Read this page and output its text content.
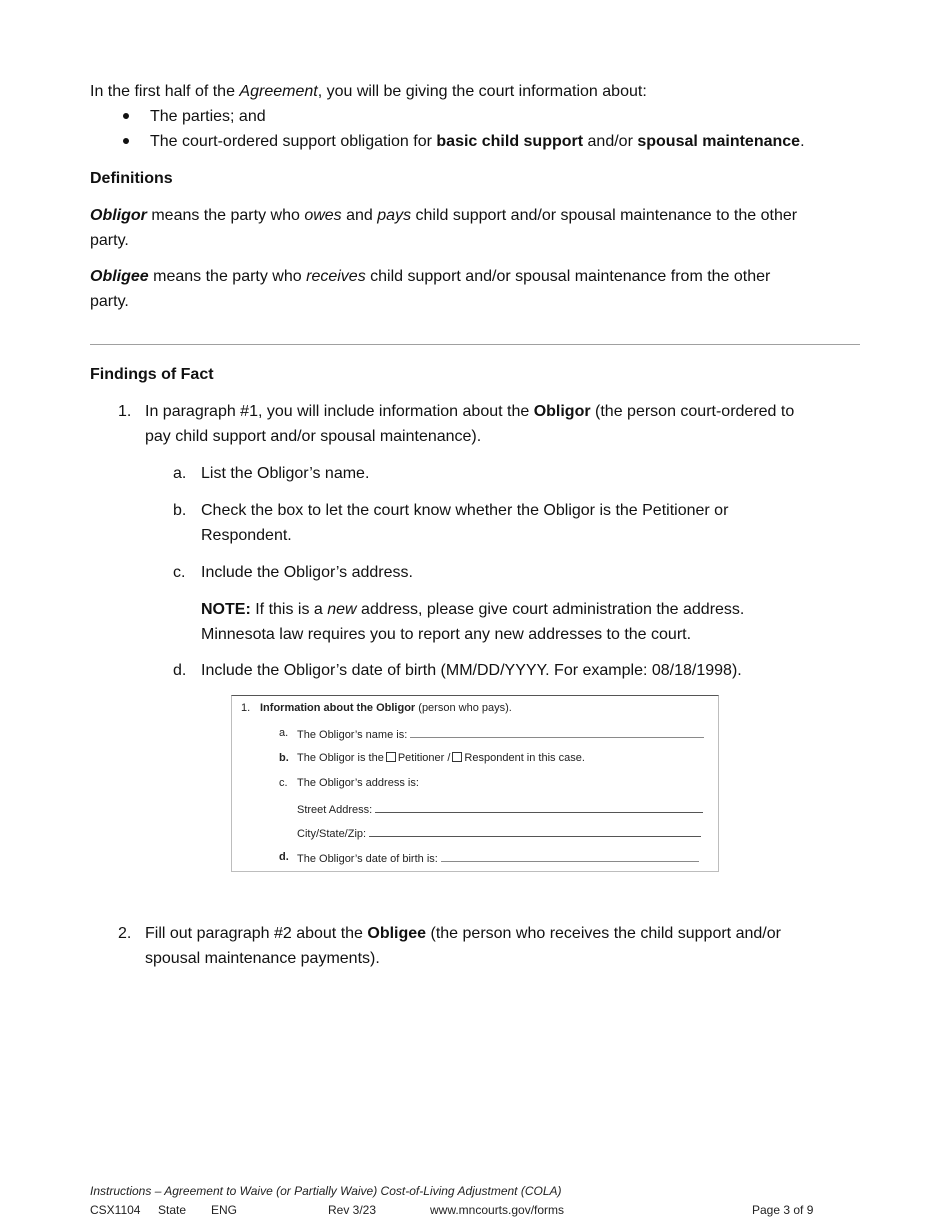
In the first half of the Agreement, you will be giving the court information about:
The parties; and
The court-ordered support obligation for basic child support and/or spousal maintenance.
Definitions
Obligor means the party who owes and pays child support and/or spousal maintenance to the other
party.
Obligee means the party who receives child support and/or spousal maintenance from the other
party.
Findings of Fact
1. In paragraph #1, you will include information about the Obligor (the person court-ordered to
pay child support and/or spousal maintenance).
a. List the Obligor’s name.
b. Check the box to let the court know whether the Obligor is the Petitioner or
Respondent.
c. Include the Obligor’s address.
NOTE: If this is a new address, please give court administration the address.
Minnesota law requires you to report any new addresses to the court.
d. Include the Obligor’s date of birth (MM/DD/YYYY. For example: 08/18/1998).
1. Information about the Obligor (person who pays).
a. The Obligor’s name is:
b. The Obligor is the Petitioner / Respondent in this case.
c. The Obligor’s address is:
Street Address:
City/State/Zip:
d. The Obligor’s date of birth is:
2. Fill out paragraph #2 about the Obligee (the person who receives the child support and/or
spousal maintenance payments).
Instructions – Agreement to Waive (or Partially Waive) Cost-of-Living Adjustment (COLA)
CSX1104 State ENG	Rev 3/23	www.mncourts.gov/forms	Page 3 of 9
